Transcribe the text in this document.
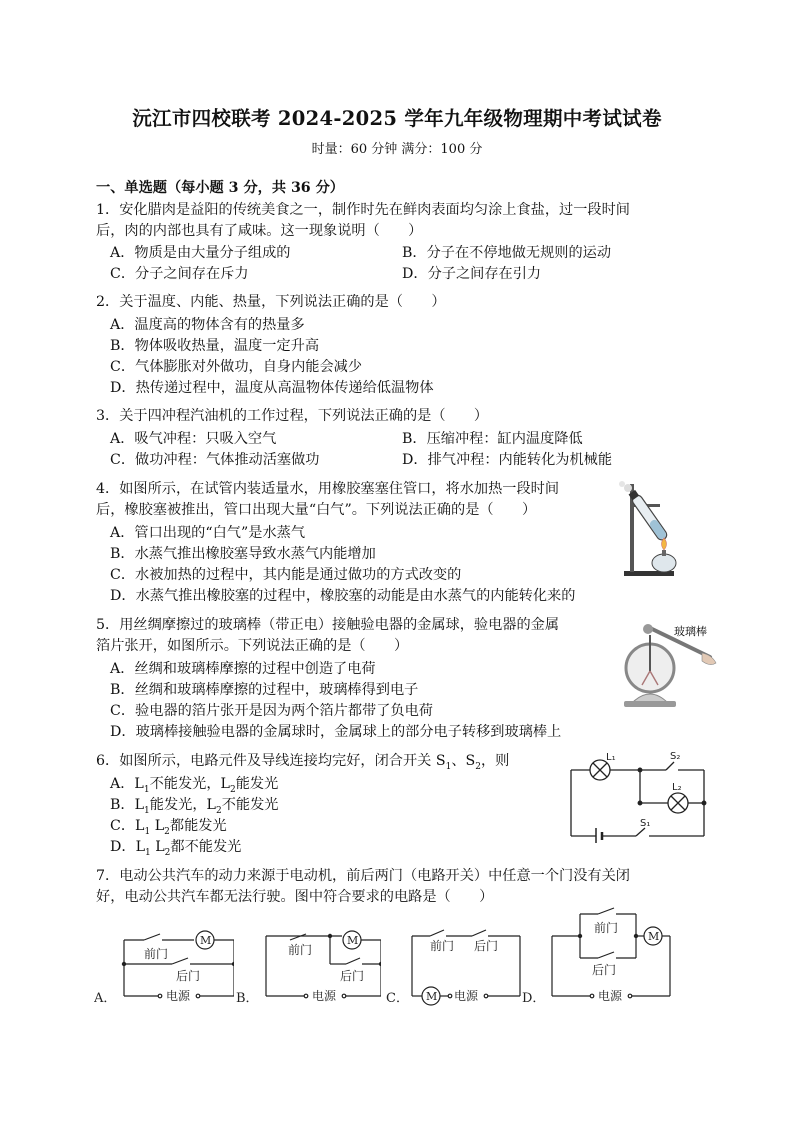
沅江市四校联考 2024-2025 学年九年级物理期中考试试卷
时量：60 分钟 满分：100 分
一、单选题（每小题 3 分，共 36 分）
1．安化腊肉是益阳的传统美食之一，制作时先在鲜肉表面均匀涂上食盐，过一段时间
后，肉的内部也具有了咸味。这一现象说明（　　）
A．物质是由大量分子组成的	B．分子在不停地做无规则的运动
C．分子之间存在斥力	D．分子之间存在引力
2．关于温度、内能、热量，下列说法正确的是（　　）
A．温度高的物体含有的热量多
B．物体吸收热量，温度一定升高
C．气体膨胀对外做功，自身内能会减少
D．热传递过程中，温度从高温物体传递给低温物体
3．关于四冲程汽油机的工作过程，下列说法正确的是（　　）
A．吸气冲程：只吸入空气	B．压缩冲程：缸内温度降低
C．做功冲程：气体推动活塞做功	D．排气冲程：内能转化为机械能
4．如图所示，在试管内装适量水，用橡胶塞塞住管口，将水加热一段时间
后，橡胶塞被推出，管口出现大量“白气”。下列说法正确的是（　　）
A．管口出现的“白气”是水蒸气
B．水蒸气推出橡胶塞导致水蒸气内能增加
C．水被加热的过程中，其内能是通过做功的方式改变的
D．水蒸气推出橡胶塞的过程中，橡胶塞的动能是由水蒸气的内能转化来的
5．用丝绸摩擦过的玻璃棒（带正电）接触验电器的金属球，验电器的金属
箔片张开，如图所示。下列说法正确的是（　　）
A．丝绸和玻璃棒摩擦的过程中创造了电荷
B．丝绸和玻璃棒摩擦的过程中，玻璃棒得到电子
C．验电器的箔片张开是因为两个箔片都带了负电荷
D．玻璃棒接触验电器的金属球时，金属球上的部分电子转移到玻璃棒上
玻璃棒
6．如图所示，电路元件及导线连接均完好，闭合开关 $S_1$、$S_2$，则
A．$L_1$不能发光，$L_2$能发光
B．$L_1$能发光，$L_2$不能发光
C．$L_1$ $L_2$都能发光
D．$L_1$ $L_2$都不能发光
L₁	S₂
L₂
S₁
7．电动公共汽车的动力来源于电动机，前后两门（电路开关）中任意一个门没有关闭
好，电动公共汽车都无法行驶。图中符合要求的电路是（　　）
M
前门
后门
电源
A．
M
前门
后门
电源
B．	M
前门 后门
电源
C．
M
前门
后门
电源
D．
